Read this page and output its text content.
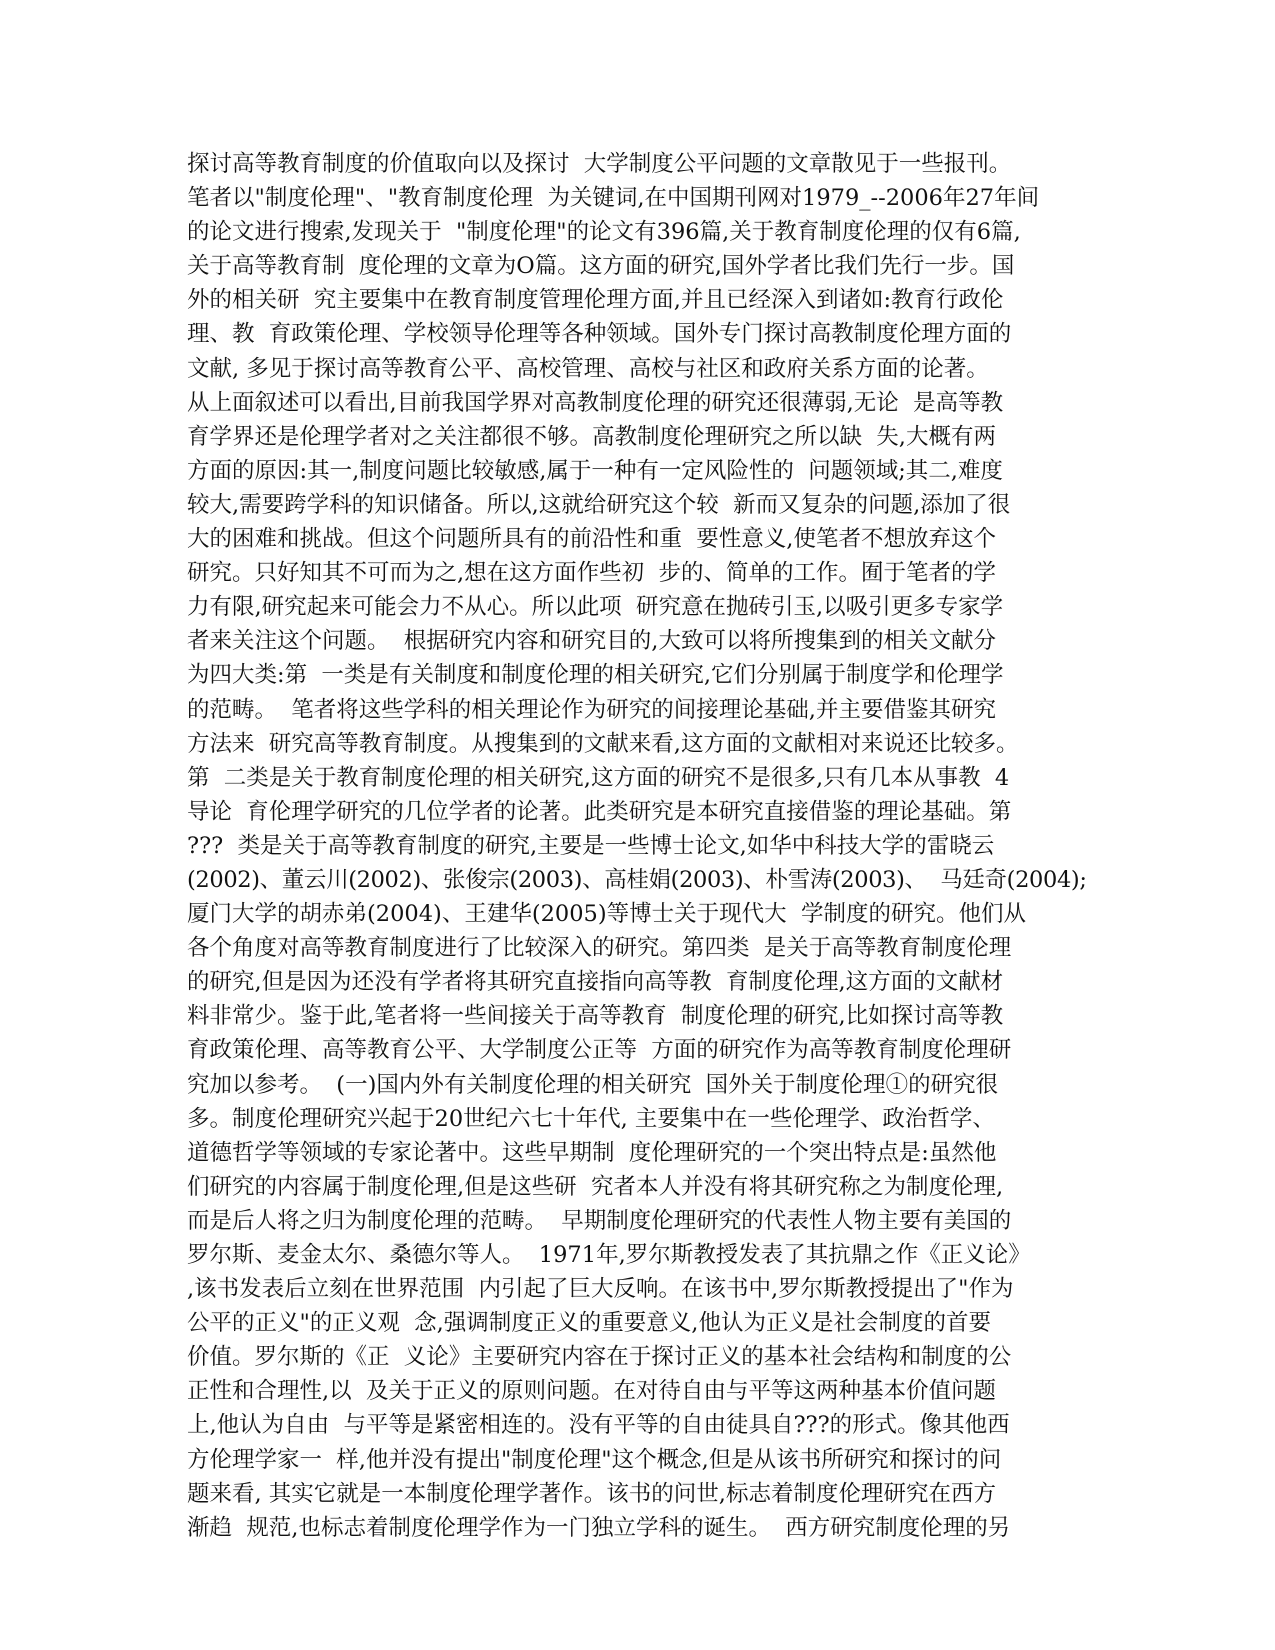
探讨高等教育制度的价值取向以及探讨  大学制度公平问题的文章散见于一些报刊。
笔者以"制度伦理"、"教育制度伦理  为关键词,在中国期刊网对1979_--2006年27年间
的论文进行搜索,发现关于  "制度伦理"的论文有396篇,关于教育制度伦理的仅有6篇,
关于高等教育制  度伦理的文章为O篇。这方面的研究,国外学者比我们先行一步。国
外的相关研  究主要集中在教育制度管理伦理方面,并且已经深入到诸如:教育行政伦
理、教  育政策伦理、学校领导伦理等各种领域。国外专门探讨高教制度伦理方面的
文献, 多见于探讨高等教育公平、高校管理、高校与社区和政府关系方面的论著。
从上面叙述可以看出,目前我国学界对高教制度伦理的研究还很薄弱,无论  是高等教
育学界还是伦理学者对之关注都很不够。高教制度伦理研究之所以缺  失,大概有两
方面的原因:其一,制度问题比较敏感,属于一种有一定风险性的  问题领域;其二,难度
较大,需要跨学科的知识储备。所以,这就给研究这个较  新而又复杂的问题,添加了很
大的困难和挑战。但这个问题所具有的前沿性和重  要性意义,使笔者不想放弃这个
研究。只好知其不可而为之,想在这方面作些初  步的、简单的工作。囿于笔者的学
力有限,研究起来可能会力不从心。所以此项  研究意在抛砖引玉,以吸引更多专家学
者来关注这个问题。  根据研究内容和研究目的,大致可以将所搜集到的相关文献分
为四大类:第  一类是有关制度和制度伦理的相关研究,它们分别属于制度学和伦理学
的范畴。  笔者将这些学科的相关理论作为研究的间接理论基础,并主要借鉴其研究
方法来  研究高等教育制度。从搜集到的文献来看,这方面的文献相对来说还比较多。
第  二类是关于教育制度伦理的相关研究,这方面的研究不是很多,只有几本从事教  4
导论  育伦理学研究的几位学者的论著。此类研究是本研究直接借鉴的理论基础。第
???  类是关于高等教育制度的研究,主要是一些博士论文,如华中科技大学的雷晓云
(2002)、董云川(2002)、张俊宗(2003)、高桂娟(2003)、朴雪涛(2003)、  马廷奇(2004);
厦门大学的胡赤弟(2004)、王建华(2005)等博士关于现代大  学制度的研究。他们从
各个角度对高等教育制度进行了比较深入的研究。第四类  是关于高等教育制度伦理
的研究,但是因为还没有学者将其研究直接指向高等教  育制度伦理,这方面的文献材
料非常少。鉴于此,笔者将一些间接关于高等教育  制度伦理的研究,比如探讨高等教
育政策伦理、高等教育公平、大学制度公正等  方面的研究作为高等教育制度伦理研
究加以参考。  (一)国内外有关制度伦理的相关研究  国外关于制度伦理①的研究很
多。制度伦理研究兴起于20世纪六七十年代, 主要集中在一些伦理学、政治哲学、
道德哲学等领域的专家论著中。这些早期制  度伦理研究的一个突出特点是:虽然他
们研究的内容属于制度伦理,但是这些研  究者本人并没有将其研究称之为制度伦理,
而是后人将之归为制度伦理的范畴。  早期制度伦理研究的代表性人物主要有美国的
罗尔斯、麦金太尔、桑德尔等人。  1971年,罗尔斯教授发表了其抗鼎之作《正义论》
,该书发表后立刻在世界范围  内引起了巨大反响。在该书中,罗尔斯教授提出了"作为
公平的正义"的正义观  念,强调制度正义的重要意义,他认为正义是社会制度的首要
价值。罗尔斯的《正  义论》主要研究内容在于探讨正义的基本社会结构和制度的公
正性和合理性,以  及关于正义的原则问题。在对待自由与平等这两种基本价值问题
上,他认为自由  与平等是紧密相连的。没有平等的自由徒具自???的形式。像其他西
方伦理学家一  样,他并没有提出"制度伦理"这个概念,但是从该书所研究和探讨的问
题来看, 其实它就是一本制度伦理学著作。该书的问世,标志着制度伦理研究在西方
渐趋  规范,也标志着制度伦理学作为一门独立学科的诞生。  西方研究制度伦理的另
